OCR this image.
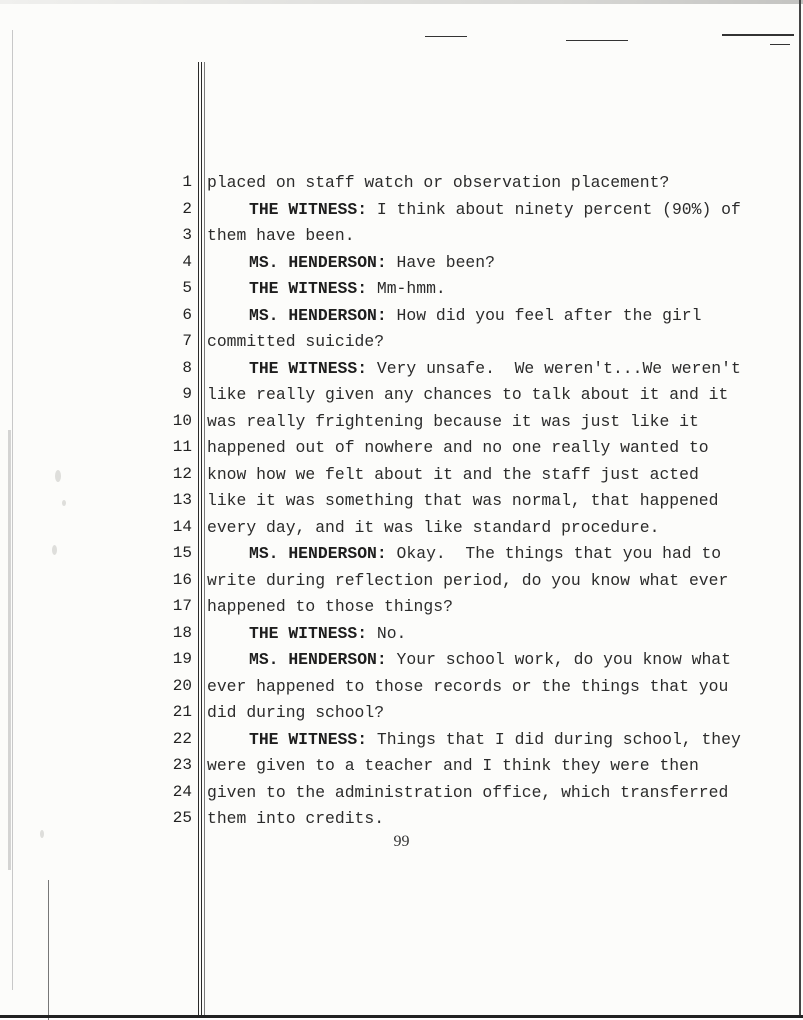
1 placed on staff watch or observation placement?
2	THE WITNESS: I think about ninety percent (90%) of
3 them have been.
4	MS. HENDERSON: Have been?
5	THE WITNESS: Mm-hmm.
6	MS. HENDERSON: How did you feel after the girl
7 committed suicide?
8	THE WITNESS: Very unsafe.  We weren't...We weren't
9 like really given any chances to talk about it and it
10 was really frightening because it was just like it
11 happened out of nowhere and no one really wanted to
12 know how we felt about it and the staff just acted
13 like it was something that was normal, that happened
14 every day, and it was like standard procedure.
15	MS. HENDERSON: Okay.  The things that you had to
16 write during reflection period, do you know what ever
17 happened to those things?
18	THE WITNESS: No.
19	MS. HENDERSON: Your school work, do you know what
20 ever happened to those records or the things that you
21 did during school?
22	THE WITNESS: Things that I did during school, they
23 were given to a teacher and I think they were then
24 given to the administration office, which transferred
25 them into credits.
99
